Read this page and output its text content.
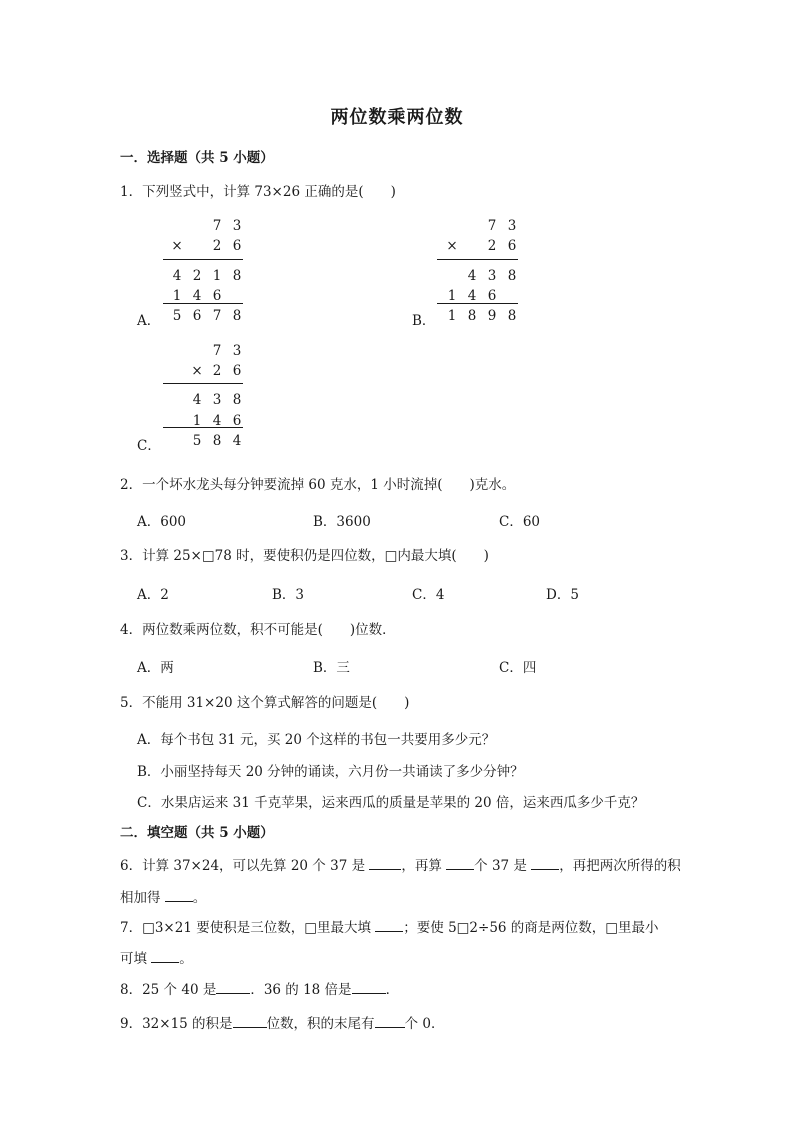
两位数乘两位数
一．选择题（共 5 小题）
1．下列竖式中，计算 73×26 正确的是(　　)
7 3
× 2 6
4 2 1 8
1 4 6
5 6 7 8
A．
7 3
× 2 6
4 3 8
1 4 6
1 8 9 8
B．
7 3
× 2 6
4 3 8
1 4 6
5 8 4
C．
2．一个坏水龙头每分钟要流掉 60 克水，1 小时流掉(　　)克水。
A．600	B．3600	C．60
3．计算 25×□78 时，要使积仍是四位数，□内最大填(　　)
A．2	B．3	C．4	D．5
4．两位数乘两位数，积不可能是(　　)位数．
A．两	B．三	C．四
5．不能用 31×20 这个算式解答的问题是(　　)
A．每个书包 31 元，买 20 个这样的书包一共要用多少元？
B．小丽坚持每天 20 分钟的诵读，六月份一共诵读了多少分钟？
C．水果店运来 31 千克苹果，运来西瓜的质量是苹果的 20 倍，运来西瓜多少千克？
二．填空题（共 5 小题）
6．计算 37×24，可以先算 20 个 37 是	，再算 个 37 是 ，再把两次所得的积
相加得 。
7．□3×21 要使积是三位数，□里最大填 ；要使 5□2÷56 的商是两位数，□里最小
可填 。
8．25 个 40 是	．36 的 18 倍是	．
9．32×15 的积是	位数，积的末尾有 个 0．
